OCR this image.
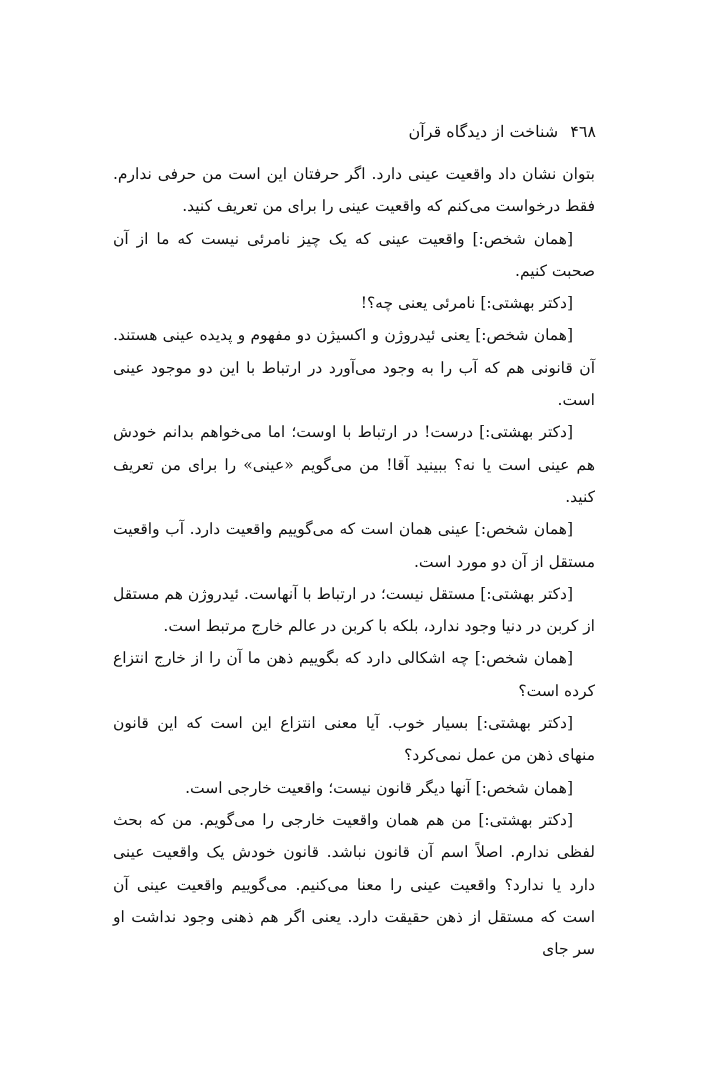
۴٦۸شناخت از دیدگاه قرآن

بتوان نشان داد واقعیت عینی دارد. اگر حرفتان این است من حرفی ندارم. فقط درخواست می‌کنم که واقعیت عینی را برای من تعریف کنید.

[همان شخص:] واقعیت عینی که یک چیز نامرئی نیست که ما از آن صحبت کنیم.

[دکتر بهشتی:] نامرئی یعنی چه؟!

[همان شخص:] یعنی ئیدروژن و اکسیژن دو مفهوم و پدیده عینی هستند. آن قانونی هم که آب را به وجود می‌آورد در ارتباط با این دو موجود عینی است.

[دکتر بهشتی:] درست! در ارتباط با اوست؛ اما می‌خواهم بدانم خودش هم عینی است یا نه؟ ببینید آقا! من می‌گویم «عینی» را برای من تعریف کنید.

[همان شخص:] عینی همان است که می‌گوییم واقعیت دارد. آب واقعیت مستقل از آن دو مورد است.

[دکتر بهشتی:] مستقل نیست؛ در ارتباط با آنهاست. ئیدروژن هم مستقل از کربن در دنیا وجود ندارد، بلکه با کربن در عالم خارج مرتبط است.

[همان شخص:] چه اشکالی دارد که بگوییم ذهن ما آن را از خارج انتزاع کرده است؟

[دکتر بهشتی:] بسیار خوب. آیا معنی انتزاع این است که این قانون منهای ذهن من عمل نمی‌کرد؟

[همان شخص:] آنها دیگر قانون نیست؛ واقعیت خارجی است.

[دکتر بهشتی:] من هم همان واقعیت خارجی را می‌گویم. من که بحث لفظی ندارم. اصلاً اسم آن قانون نباشد. قانون خودش یک واقعیت عینی دارد یا ندارد؟ واقعیت عینی را معنا می‌کنیم. می‌گوییم واقعیت عینی آن است که مستقل از ذهن حقیقت دارد. یعنی اگر هم ذهنی وجود نداشت او سر جای
